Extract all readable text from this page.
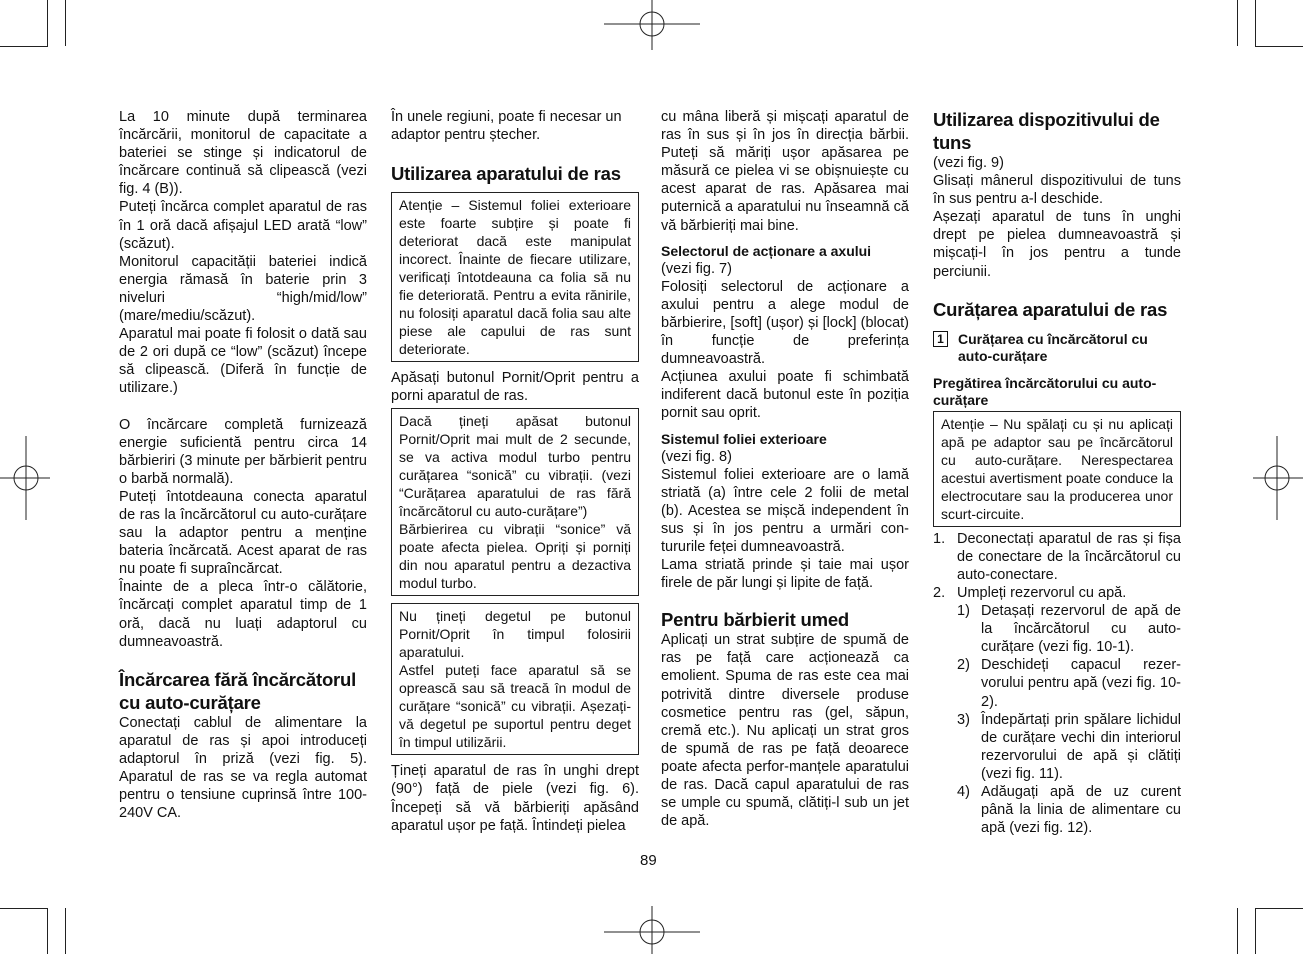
La 10 minute după terminarea încărcării, monitorul de capacitate a bateriei se stinge și indicatorul de încărcare continuă să clipească (vezi fig. 4 (B)).

Puteți încărca complet aparatul de ras în 1 oră dacă afișajul LED arată “low” (scăzut).

Monitorul capacității bateriei indică energia rămasă în baterie prin 3 niveluri “high/mid/low” (mare/mediu/scăzut).

Aparatul mai poate fi folosit o dată sau de 2 ori după ce “low” (scăzut) începe să clipească. (Diferă în funcție de utilizare.)

O încărcare completă furnizează energie suficientă pentru circa 14 bărbieriri (3 minute per bărbierit pentru o barbă normală).

Puteți întotdeauna conecta aparatul de ras la încărcătorul cu auto-curățare sau la adaptor pentru a menține bateria încărcată. Acest aparat de ras nu poate fi supraîncărcat.

Înainte de a pleca într-o călătorie, încărcați complet aparatul timp de 1 oră, dacă nu luați adaptorul cu dumneavoastră.

Încărcarea fără încărcătorul cu auto-curățare

Conectați cablul de alimentare la aparatul de ras și apoi introduceți adaptorul în priză (vezi fig. 5). Aparatul de ras se va regla automat pentru o tensiune cuprinsă între 100-240V CA.

În unele regiuni, poate fi necesar un adaptor pentru ștecher.

Utilizarea aparatului de ras

Atenție – Sistemul foliei exterioare este foarte subțire și poate fi deteriorat dacă este manipulat incorect. Înainte de fiecare utilizare, verificați întotdeauna ca folia să nu fie deteriorată. Pentru a evita rănirile, nu folosiți aparatul dacă folia sau alte piese ale capului de ras sunt deteriorate.

Apăsați butonul Pornit/Oprit pentru a porni aparatul de ras.

Dacă țineți apăsat butonul Pornit/Oprit mai mult de 2 secunde, se va activa modul turbo pentru curățarea “sonică” cu vibrații. (vezi “Curățarea aparatului de ras fără încărcătorul cu auto-curățare”)

Bărbierirea cu vibrații “sonice” vă poate afecta pielea. Opriți și porniți din nou aparatul pentru a dezactiva modul turbo.

Nu țineți degetul pe butonul Pornit/Oprit în timpul folosirii aparatului.

Astfel puteți face aparatul să se oprească sau să treacă în modul de curățare “sonică” cu vibrații. Așezați-vă degetul pe suportul pentru deget în timpul utilizării.

Țineți aparatul de ras în unghi drept (90°) față de piele (vezi fig. 6). Începeți să vă bărbieriți apăsând aparatul ușor pe față. Întindeți pielea

cu mâna liberă și mișcați aparatul de ras în sus și în jos în direcția bărbii. Puteți să măriți ușor apăsarea pe măsură ce pielea vi se obișnuiește cu acest aparat de ras. Apăsarea mai puternică a aparatului nu înseamnă că vă bărbieriți mai bine.

Selectorul de acționare a axului

(vezi fig. 7)

Folosiți selectorul de acționare a axului pentru a alege modul de bărbierire, [soft] (ușor) și [lock] (blocat) în funcție de preferința dumneavoastră.

Acțiunea axului poate fi schimbată indiferent dacă butonul este în poziția pornit sau oprit.

Sistemul foliei exterioare

(vezi fig. 8)

Sistemul foliei exterioare are o lamă striată (a) între cele 2 folii de metal (b). Acestea se mișcă independent în sus și în jos pentru a urmări con-tururile feței dumneavoastră.

Lama striată prinde și taie mai ușor firele de păr lungi și lipite de față.

Pentru bărbierit umed

Aplicați un strat subțire de spumă de ras pe față care acționează ca emolient. Spuma de ras este cea mai potrivită dintre diversele produse cosmetice pentru ras (gel, săpun, cremă etc.). Nu aplicați un strat gros de spumă de ras pe față deoarece poate afecta perfor-manțele aparatului de ras. Dacă capul aparatului de ras se umple cu spumă, clătiți-l sub un jet de apă.

Utilizarea dispozitivului de tuns

(vezi fig. 9)

Glisați mânerul dispozitivului de tuns în sus pentru a-l deschide.

Așezați aparatul de tuns în unghi drept pe pielea dumneavoastră și mișcați-l în jos pentru a tunde perciunii.

Curățarea aparatului de ras
1 Curățarea cu încărcătorul cu auto-curățare
Pregătirea încărcătorului cu auto-curățare

Atenție – Nu spălați cu și nu aplicați apă pe adaptor sau pe încărcătorul cu auto-curățare. Nerespectarea acestui avertisment poate conduce la electrocutare sau la producerea unor scurt-circuite.

1. Deconectați aparatul de ras și fișa de conectare de la încărcătorul cu auto-conectare.
2. Umpleți rezervorul cu apă.
1) Detașați rezervorul de apă de la încărcătorul cu auto-curățare (vezi fig. 10-1).
2) Deschideți capacul rezer-vorului pentru apă (vezi fig. 10-2).
3) Îndepărtați prin spălare lichidul de curățare vechi din interiorul rezervorului de apă și clătiți (vezi fig. 11).
4) Adăugați apă de uz curent până la linia de alimentare cu apă (vezi fig. 12).
89
